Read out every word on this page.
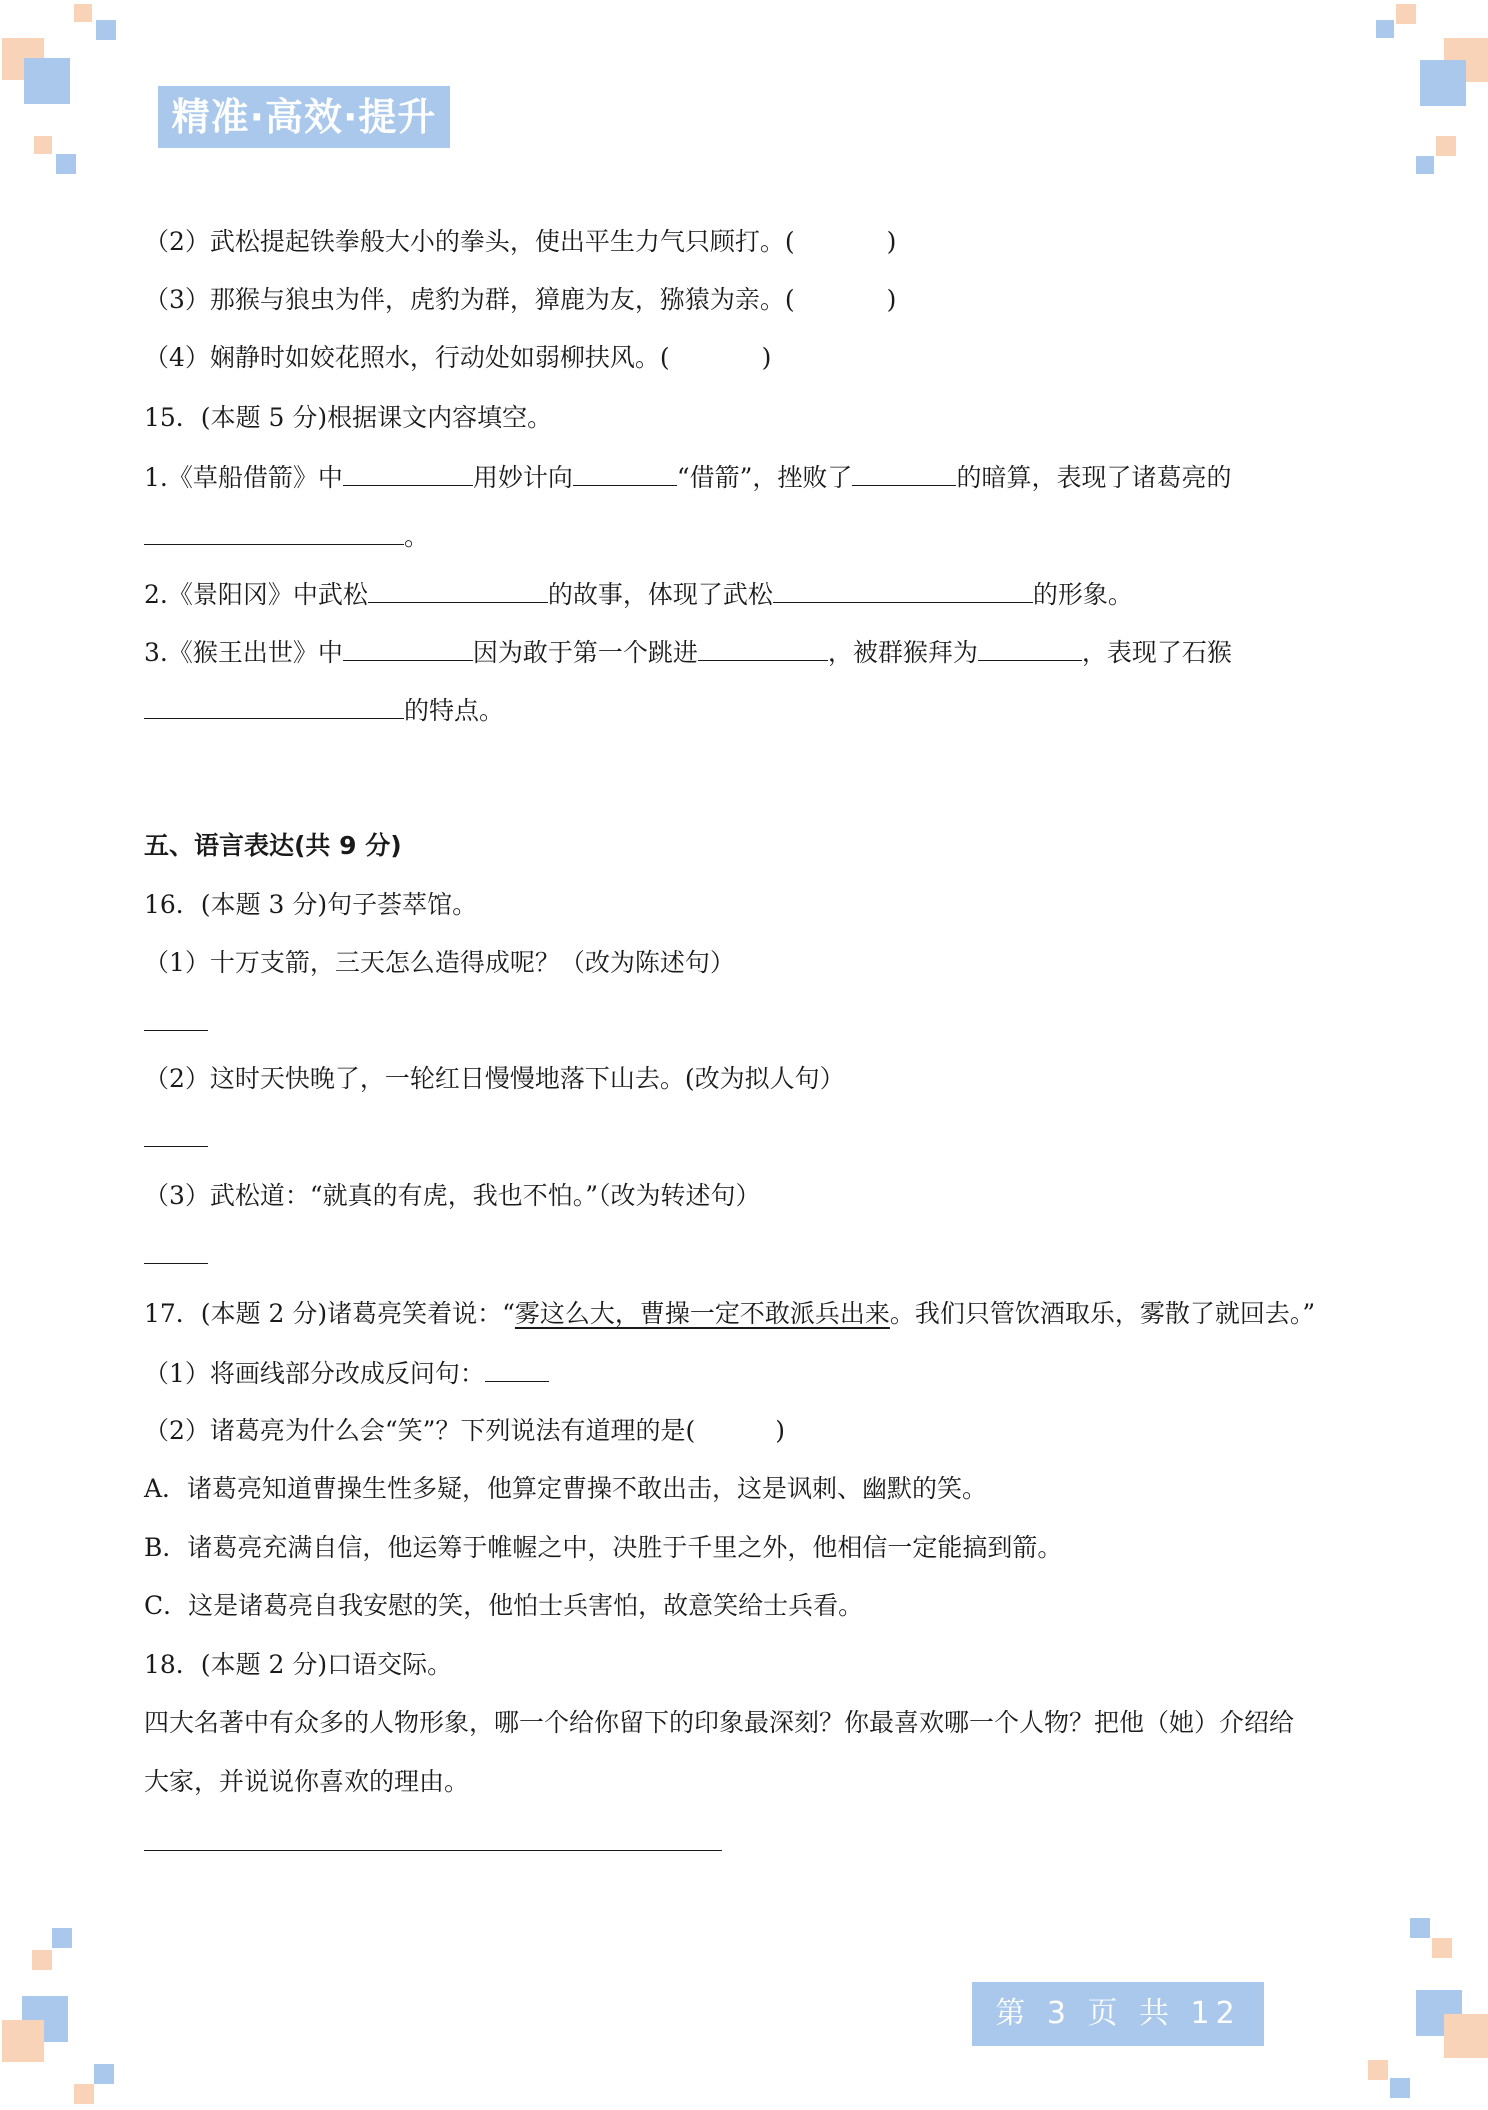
精准·高效·提升
（2）武松提起铁拳般大小的拳头，使出平生力气只顾打。(	)
（3）那猴与狼虫为伴，虎豹为群，獐鹿为友，猕猿为亲。(	)
（4）娴静时如姣花照水，行动处如弱柳扶风。(	)
15．(本题 5 分)根据课文内容填空。
1.《草船借箭》中	用妙计向	“借箭”，挫败了	的暗算，表现了诸葛亮的
。
2.《景阳冈》中武松	的故事，体现了武松	的形象。
3.《猴王出世》中	因为敢于第一个跳进	，被群猴拜为	，表现了石猴
的特点。
五、语言表达(共 9 分)
16．(本题 3 分)句子荟萃馆。
（1）十万支箭，三天怎么造得成呢？（改为陈述句）
（2）这时天快晚了，一轮红日慢慢地落下山去。(改为拟人句）
（3）武松道：“就真的有虎，我也不怕。”（改为转述句）
17．(本题 2 分)诸葛亮笑着说：“雾这么大，曹操一定不敢派兵出来。我们只管饮酒取乐，雾散了就回去。”
（1）将画线部分改成反问句：
（2）诸葛亮为什么会“笑”？下列说法有道理的是(	)
A．诸葛亮知道曹操生性多疑，他算定曹操不敢出击，这是讽刺、幽默的笑。
B．诸葛亮充满自信，他运筹于帷幄之中，决胜于千里之外，他相信一定能搞到箭。
C．这是诸葛亮自我安慰的笑，他怕士兵害怕，故意笑给士兵看。
18．(本题 2 分)口语交际。
四大名著中有众多的人物形象，哪一个给你留下的印象最深刻？你最喜欢哪一个人物？把他（她）介绍给
大家，并说说你喜欢的理由。
第 3 页 共 12 页
